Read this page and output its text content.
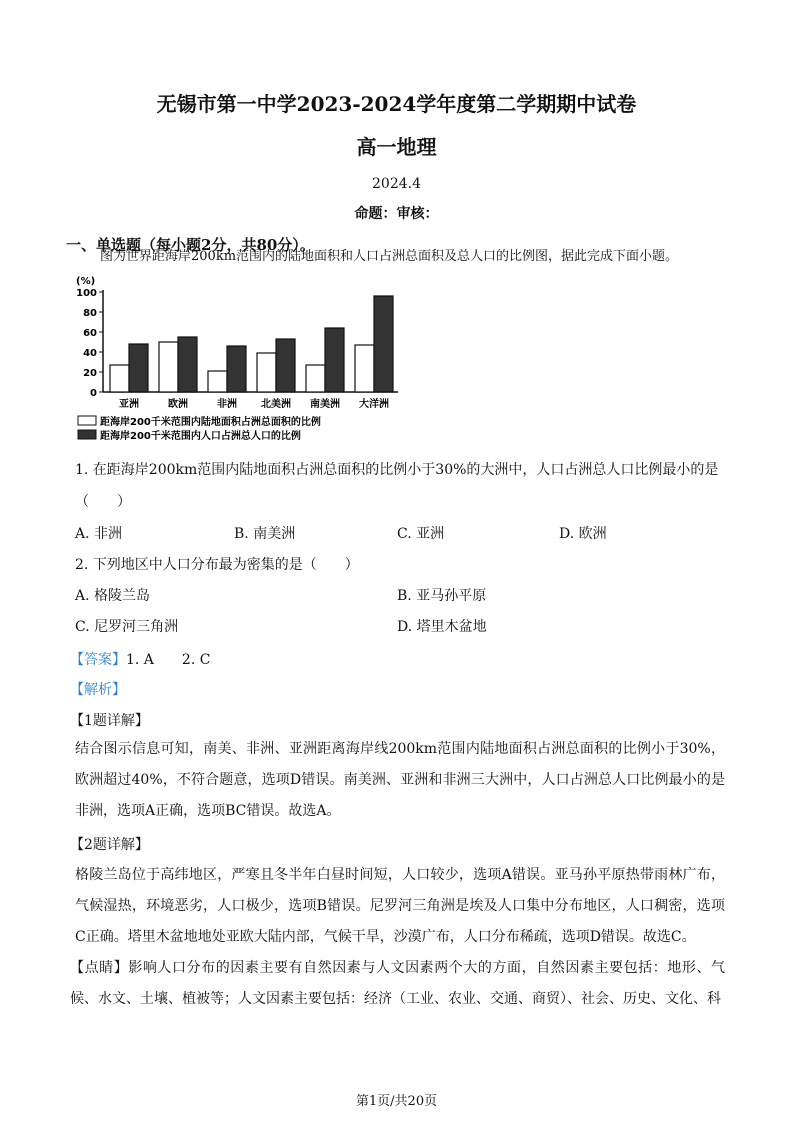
无锡市第一中学2023-2024学年度第二学期期中试卷
高一地理
2024.4
命题：审核：
一、单选题（每小题2分，共80分）。
图为世界距海岸200km范围内的陆地面积和人口占洲总面积及总人口的比例图，据此完成下面小题。
(%)
0
20
40
60
80
100
亚洲	欧洲	非洲 北美洲 南美洲 大洋洲
距海岸200千米范围内陆地面积占洲总面积的比例
距海岸200千米范围内人口占洲总人口的比例
1. 在距海岸200km范围内陆地面积占洲总面积的比例小于30%的大洲中，人口占洲总人口比例最小的是
（　　）
A. 非洲	B. 南美洲	C. 亚洲	D. 欧洲
2. 下列地区中人口分布最为密集的是（　　）
A. 格陵兰岛	B. 亚马孙平原
C. 尼罗河三角洲	D. 塔里木盆地
【答案】1. A　　2. C
【解析】
【1题详解】
结合图示信息可知，南美、非洲、亚洲距离海岸线200km范围内陆地面积占洲总面积的比例小于30%，欧洲超过40%，不符合题意，选项D错误。南美洲、亚洲和非洲三大洲中，人口占洲总人口比例最小的是非洲，选项A正确，选项BC错误。故选A。
【2题详解】
格陵兰岛位于高纬地区，严寒且冬半年白昼时间短，人口较少，选项A错误。亚马孙平原热带雨林广布，气候湿热，环境恶劣，人口极少，选项B错误。尼罗河三角洲是埃及人口集中分布地区，人口稠密，选项C正确。塔里木盆地地处亚欧大陆内部，气候干旱，沙漠广布，人口分布稀疏，选项D错误。故选C。
【点睛】影响人口分布的因素主要有自然因素与人文因素两个大的方面，自然因素主要包括：地形、气候、水文、土壤、植被等；人文因素主要包括：经济（工业、农业、交通、商贸）、社会、历史、文化、科
第1页/共20页
